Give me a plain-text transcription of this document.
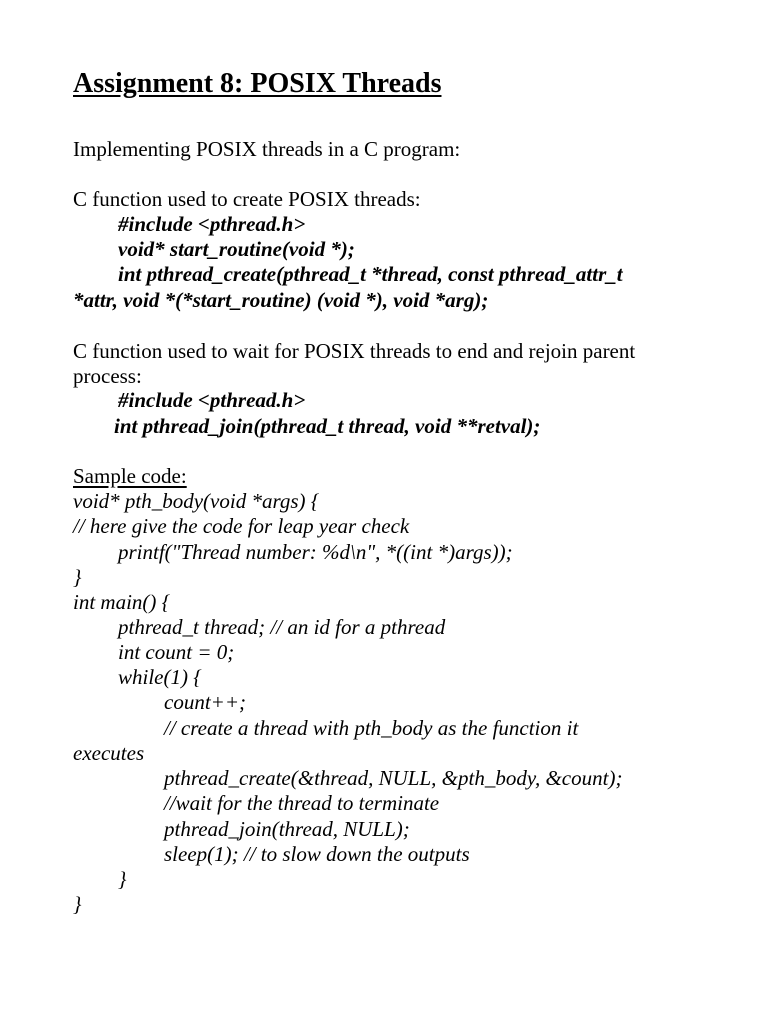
Assignment 8: POSIX Threads
Implementing POSIX threads in a C program:
C function used to create POSIX threads:
#include <pthread.h>
void* start_routine(void *);
int pthread_create(pthread_t *thread, const pthread_attr_t
*attr, void *(*start_routine) (void *), void *arg);
C function used to wait for POSIX threads to end and rejoin parent
process:
#include <pthread.h>
int pthread_join(pthread_t thread, void **retval);
Sample code:
void* pth_body(void *args) {
// here give the code for leap year check
printf("Thread number: %d\n", *((int *)args));
}
int main() {
pthread_t thread; // an id for a pthread
int count = 0;
while(1) {
count++;
// create a thread with pth_body as the function it
executes
pthread_create(&thread, NULL, &pth_body, &count);
//wait for the thread to terminate
pthread_join(thread, NULL);
sleep(1); // to slow down the outputs
}
}
